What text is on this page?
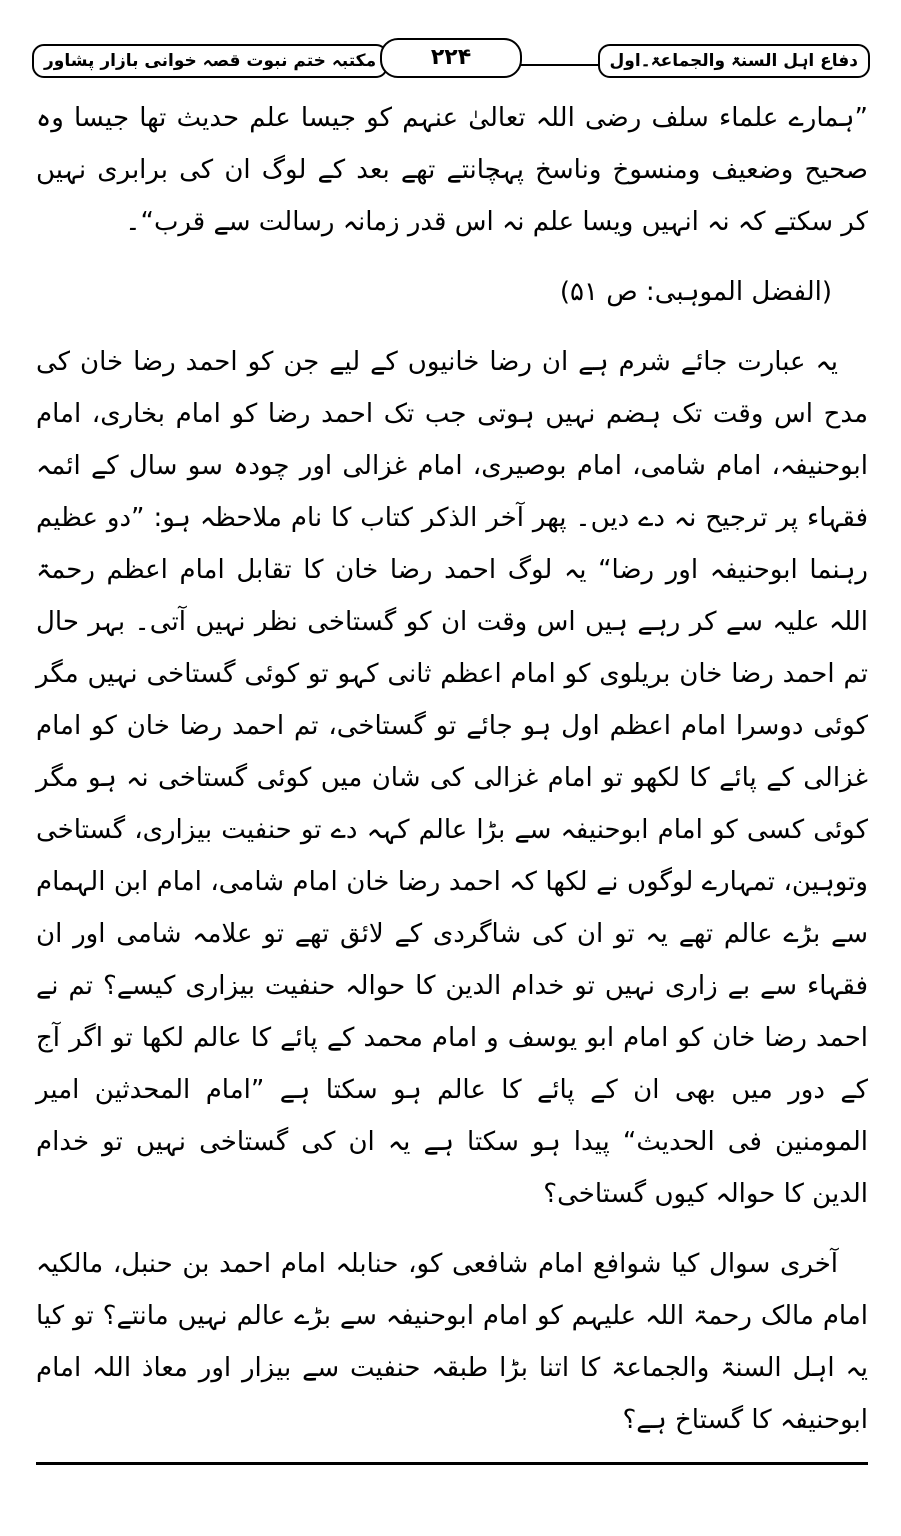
مکتبہ ختم نبوت قصہ خوانی بازار پشاور	۲۲۴	دفاع اہل السنۃ والجماعۃ۔اول

”ہمارے علماء سلف رضی اللہ تعالیٰ عنہم کو جیسا علم حدیث تھا جیسا وہ صحیح وضعیف ومنسوخ وناسخ پہچانتے تھے بعد کے لوگ ان کی برابری نہیں کر سکتے کہ نہ انہیں ویسا علم نہ اس قدر زمانہ رسالت سے قرب“۔

(الفضل الموہبی: ص ۵۱)

یہ عبارت جائے شرم ہے ان رضا خانیوں کے لیے جن کو احمد رضا خان کی مدح اس وقت تک ہضم نہیں ہوتی جب تک احمد رضا کو امام بخاری، امام ابوحنیفہ، امام شامی، امام بوصیری، امام غزالی اور چودہ سو سال کے ائمہ فقہاء پر ترجیح نہ دے دیں۔ پھر آخر الذکر کتاب کا نام ملاحظہ ہو: ”دو عظیم رہنما ابوحنیفہ اور رضا“ یہ لوگ احمد رضا خان کا تقابل امام اعظم رحمۃ اللہ علیہ سے کر رہے ہیں اس وقت ان کو گستاخی نظر نہیں آتی۔ بہر حال تم احمد رضا خان بریلوی کو امام اعظم ثانی کہو تو کوئی گستاخی نہیں مگر کوئی دوسرا امام اعظم اول ہو جائے تو گستاخی، تم احمد رضا خان کو امام غزالی کے پائے کا لکھو تو امام غزالی کی شان میں کوئی گستاخی نہ ہو مگر کوئی کسی کو امام ابوحنیفہ سے بڑا عالم کہہ دے تو حنفیت بیزاری، گستاخی وتوہین، تمہارے لوگوں نے لکھا کہ احمد رضا خان امام شامی، امام ابن الہمام سے بڑے عالم تھے یہ تو ان کی شاگردی کے لائق تھے تو علامہ شامی اور ان فقہاء سے بے زاری نہیں تو خدام الدین کا حوالہ حنفیت بیزاری کیسے؟ تم نے احمد رضا خان کو امام ابو یوسف و امام محمد کے پائے کا عالم لکھا تو اگر آج کے دور میں بھی ان کے پائے کا عالم ہو سکتا ہے ”امام المحدثین امیر المومنین فی الحدیث“ پیدا ہو سکتا ہے یہ ان کی گستاخی نہیں تو خدام الدین کا حوالہ کیوں گستاخی؟

آخری سوال کیا شوافع امام شافعی کو، حنابلہ امام احمد بن حنبل، مالکیہ امام مالک رحمۃ اللہ علیہم کو امام ابوحنیفہ سے بڑے عالم نہیں مانتے؟ تو کیا یہ اہل السنۃ والجماعۃ کا اتنا بڑا طبقہ حنفیت سے بیزار اور معاذ اللہ امام ابوحنیفہ کا گستاخ ہے؟
